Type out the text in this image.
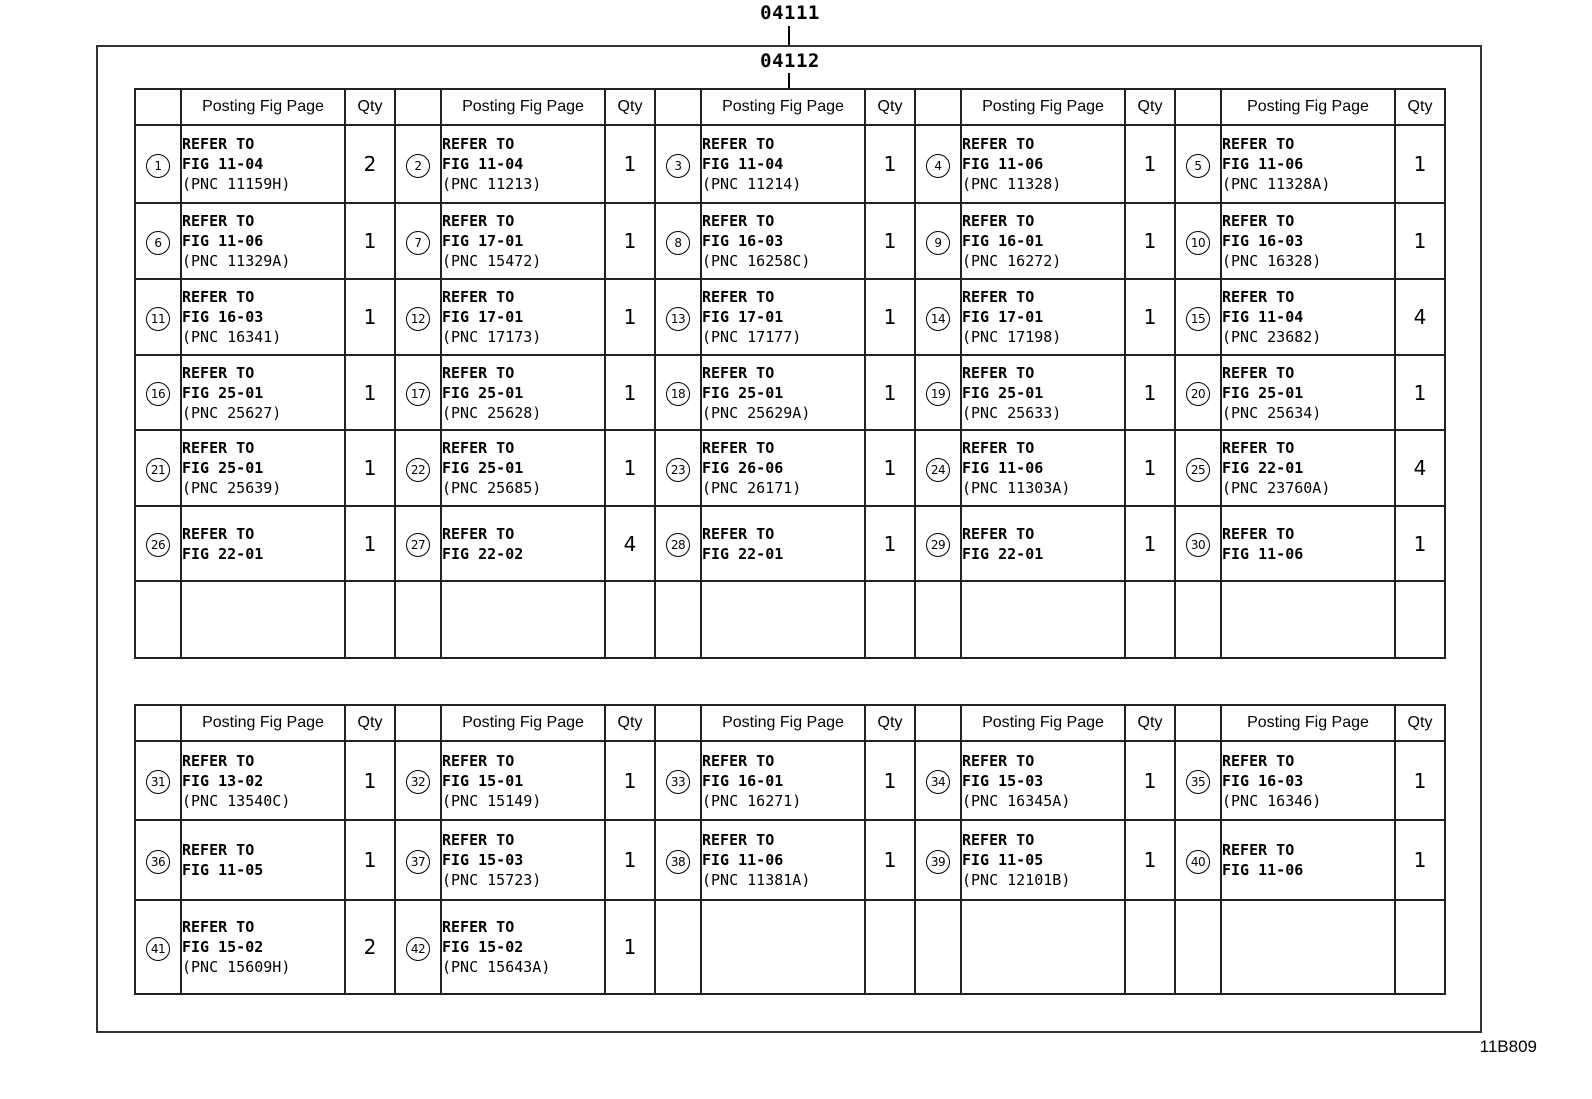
04111
04112
	Posting Fig Page	Qty		Posting Fig Page	Qty		Posting Fig Page	Qty		Posting Fig Page	Qty		Posting Fig Page	Qty
1	REFER TO
FIG 11-04
(PNC 11159H)	2	2	REFER TO
FIG 11-04
(PNC 11213)	1	3	REFER TO
FIG 11-04
(PNC 11214)	1	4	REFER TO
FIG 11-06
(PNC 11328)	1	5	REFER TO
FIG 11-06
(PNC 11328A)	1
6	REFER TO
FIG 11-06
(PNC 11329A)	1	7	REFER TO
FIG 17-01
(PNC 15472)	1	8	REFER TO
FIG 16-03
(PNC 16258C)	1	9	REFER TO
FIG 16-01
(PNC 16272)	1	10	REFER TO
FIG 16-03
(PNC 16328)	1
11	REFER TO
FIG 16-03
(PNC 16341)	1	12	REFER TO
FIG 17-01
(PNC 17173)	1	13	REFER TO
FIG 17-01
(PNC 17177)	1	14	REFER TO
FIG 17-01
(PNC 17198)	1	15	REFER TO
FIG 11-04
(PNC 23682)	4
16	REFER TO
FIG 25-01
(PNC 25627)	1	17	REFER TO
FIG 25-01
(PNC 25628)	1	18	REFER TO
FIG 25-01
(PNC 25629A)	1	19	REFER TO
FIG 25-01
(PNC 25633)	1	20	REFER TO
FIG 25-01
(PNC 25634)	1
21	REFER TO
FIG 25-01
(PNC 25639)	1	22	REFER TO
FIG 25-01
(PNC 25685)	1	23	REFER TO
FIG 26-06
(PNC 26171)	1	24	REFER TO
FIG 11-06
(PNC 11303A)	1	25	REFER TO
FIG 22-01
(PNC 23760A)	4
26	REFER TO
FIG 22-01	1	27	REFER TO
FIG 22-02	4	28	REFER TO
FIG 22-01	1	29	REFER TO
FIG 22-01	1	30	REFER TO
FIG 11-06	1

	Posting Fig Page	Qty		Posting Fig Page	Qty		Posting Fig Page	Qty		Posting Fig Page	Qty		Posting Fig Page	Qty
31	REFER TO
FIG 13-02
(PNC 13540C)	1	32	REFER TO
FIG 15-01
(PNC 15149)	1	33	REFER TO
FIG 16-01
(PNC 16271)	1	34	REFER TO
FIG 15-03
(PNC 16345A)	1	35	REFER TO
FIG 16-03
(PNC 16346)	1
36	REFER TO
FIG 11-05	1	37	REFER TO
FIG 15-03
(PNC 15723)	1	38	REFER TO
FIG 11-06
(PNC 11381A)	1	39	REFER TO
FIG 11-05
(PNC 12101B)	1	40	REFER TO
FIG 11-06	1
41	REFER TO
FIG 15-02
(PNC 15609H)	2	42	REFER TO
FIG 15-02
(PNC 15643A)	1									
11B809
